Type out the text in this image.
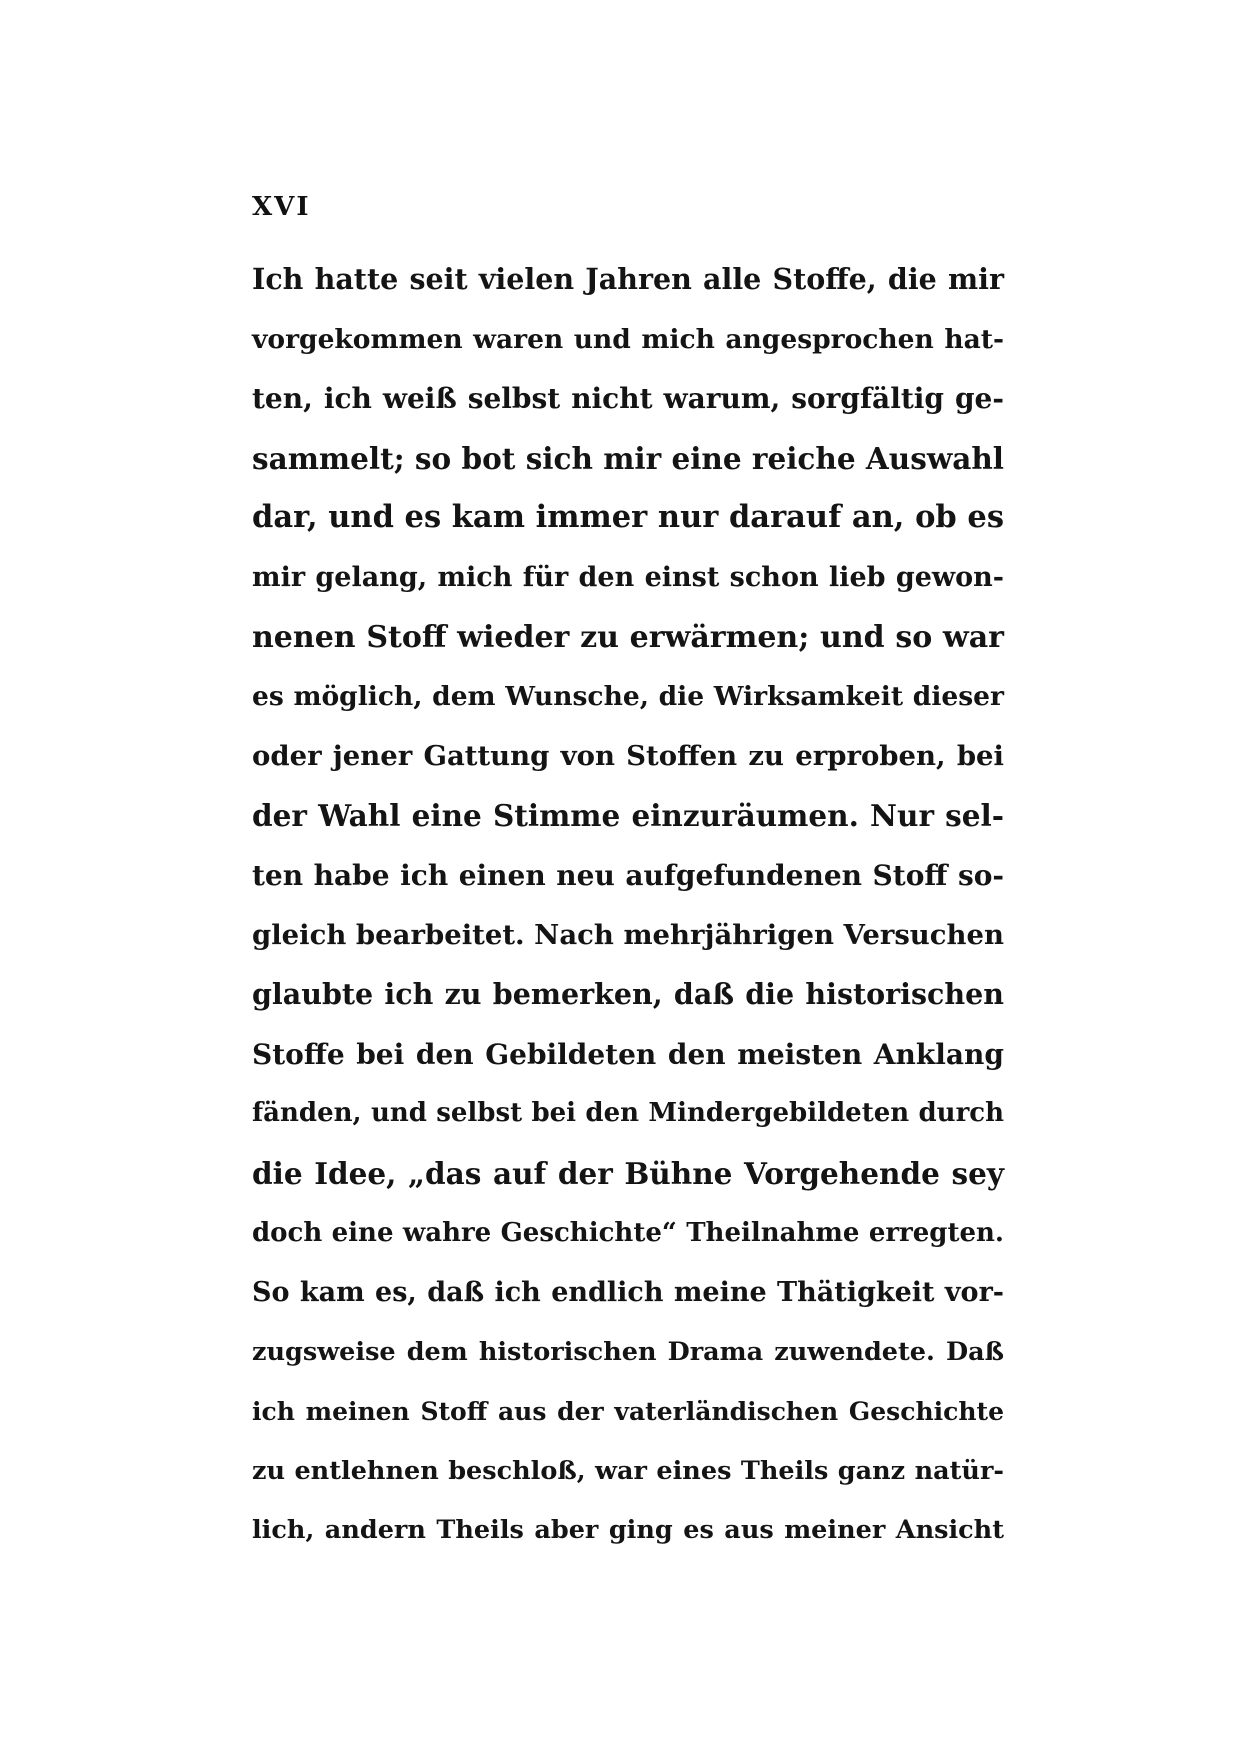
XVI
Ich hatte seit vielen Jahren alle Stoffe, die mir
vorgekommen waren und mich angesprochen hat-
ten, ich weiß selbst nicht warum, sorgfältig ge-
sammelt; so bot sich mir eine reiche Auswahl
dar, und es kam immer nur darauf an, ob es
mir gelang, mich für den einst schon lieb gewon-
nenen Stoff wieder zu erwärmen; und so war
es möglich, dem Wunsche, die Wirksamkeit dieser
oder jener Gattung von Stoffen zu erproben, bei
der Wahl eine Stimme einzuräumen. Nur sel-
ten habe ich einen neu aufgefundenen Stoff so-
gleich bearbeitet. Nach mehrjährigen Versuchen
glaubte ich zu bemerken, daß die historischen
Stoffe bei den Gebildeten den meisten Anklang
fänden, und selbst bei den Mindergebildeten durch
die Idee, „das auf der Bühne Vorgehende sey
doch eine wahre Geschichte“ Theilnahme erregten.
So kam es, daß ich endlich meine Thätigkeit vor-
zugsweise dem historischen Drama zuwendete. Daß
ich meinen Stoff aus der vaterländischen Geschichte
zu entlehnen beschloß, war eines Theils ganz natür-
lich, andern Theils aber ging es aus meiner Ansicht
